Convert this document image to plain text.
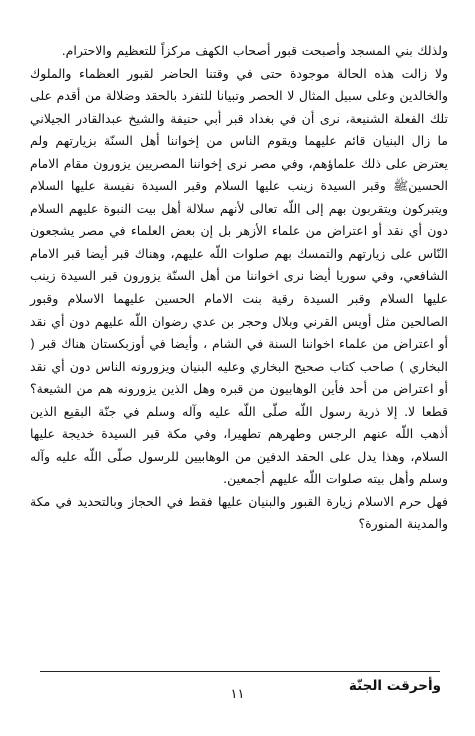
ولذلك بني المسجد وأصبحت قبور أصحاب الكهف مركزاً للتعظيم والاحترام.

ولا زالت هذه الحالة موجودة حتى في وقتنا الحاضر لقبور العظماء والملوك والخالدين وعلى سبيل المثال لا الحصر وتبيانا للتفرد بالحقد وضلالة من أقدم على تلك الفعلة الشنيعة، نرى أن في بغداد قبر أبي حنيفة والشيخ عبدالقادر الجيلاني ما زال البنيان قائم عليهما ويقوم الناس من إخواننا أهل السنّة بزيارتهم ولم يعترض على ذلك علماؤهم، وفي مصر نرى إخواننا المصريين يزورون مقام الامام الحسينﷺ وقبر السيدة زينب عليها السلام وقبر السيدة نفيسة عليها السلام ويتبركون ويتقربون بهم إلى اللّه تعالى لأنهم سلالة أهل بيت النبوة عليهم السلام دون أي نقد أو اعتراض من علماء الأزهر بل إن بعض العلماء في مصر يشجعون النّاس على زيارتهم والتمسك بهم صلوات اللّه عليهم، وهناك قبر أيضا قبر الامام الشافعي، وفي سوريا أيضا نرى اخواننا من أهل السنّة يزورون قبر السيدة زينب عليها السلام وقبر السيدة رقية بنت الامام الحسين عليهما الاسلام وقبور الصالحين مثل أويس القرني وبلال وحجر بن عدي رضوان اللّه عليهم دون أي نقد أو اعتراض من علماء اخواننا السنة في الشام ، وأيضا في أوزبكستان هناك قبر ( البخاري ) صاحب كتاب صحيح البخاري وعليه البنيان ويزورونه الناس دون أي نقد أو اعتراض من أحد فأين الوهابيون من قبره وهل الذين يزورونه هم من الشيعة؟ قطعا لا. إلا ذرية رسول اللّه صلّى اللّه عليه وآله وسلم في جنّة البقيع الذين أذهب اللّه عنهم الرجس وطهرهم تطهيرا، وفي مكة قبر السيدة خديجة عليها السلام، وهذا يدل على الحقد الدفين من الوهابيين للرسول صلّى اللّه عليه وآله وسلم وأهل بيته صلوات اللّه عليهم أجمعين.

فهل حرم الاسلام زيارة القبور والبنيان عليها فقط في الحجاز وبالتحديد في مكة والمدينة المنورة؟

وأحرقت الجنّة
١١
